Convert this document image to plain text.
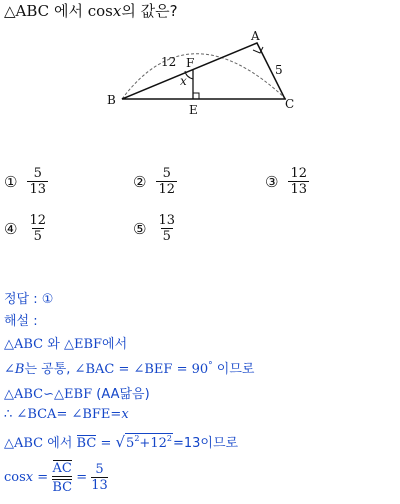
△ABC 에서 cosx의 값은?
A
B	C
E
F
x
12
5
① $\frac{5}{13}$	② $\frac{5}{12}$	③ $\frac{12}{13}$
④ $\frac{12}{5}$	⑤ $\frac{13}{5}$
정답 : ①
해설 :
△ABC 와 △EBF에서
∠B는 공통, ∠BAC = ∠BEF = 90° 이므로
△ABC∽△EBF (AA닮음)
∴ ∠BCA= ∠BFE=x
△ABC 에서 BC = √ $5^2+12^2 =13$이므로
$\cos x = \frac{AC}{BC} = \frac{5}{13}$
